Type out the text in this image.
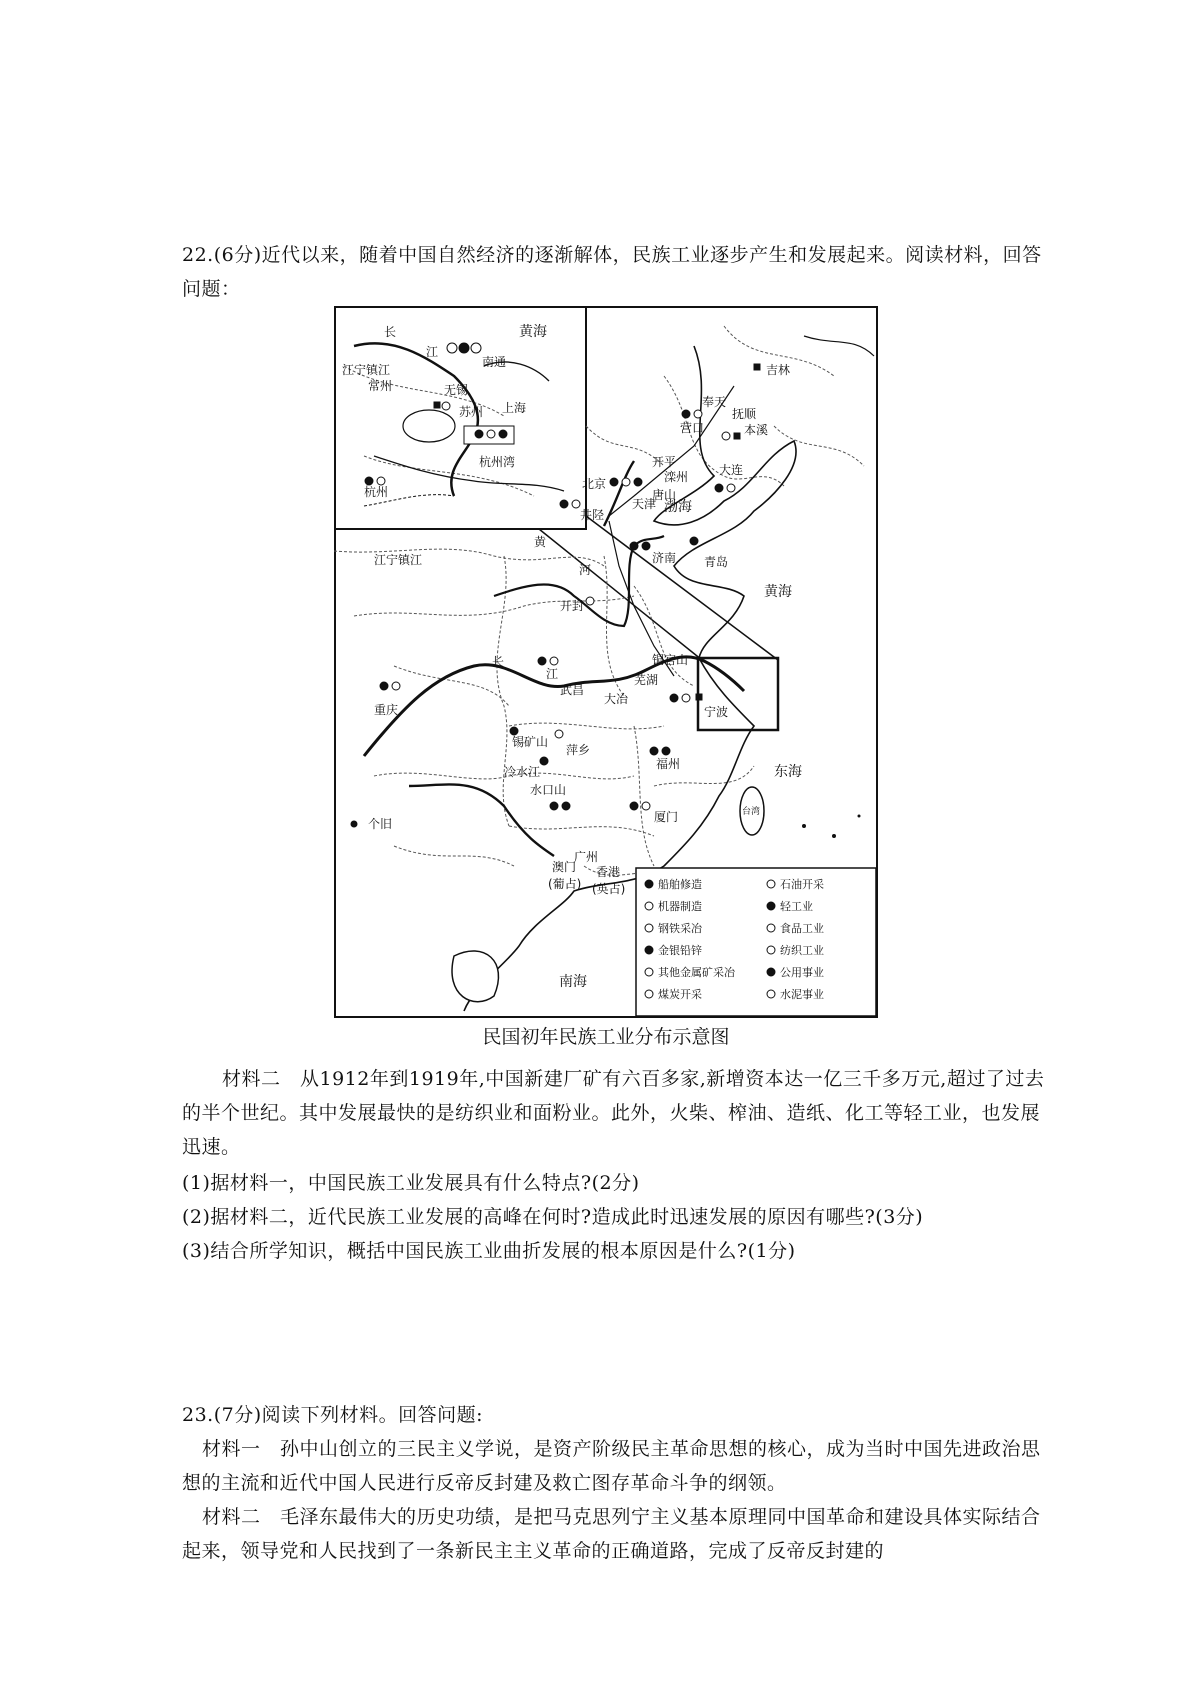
22.(6分)近代以来，随着中国自然经济的逐渐解体，民族工业逐步产生和发展起来。阅读材料，回答问题：
船舶修造	石油开采
机器制造	轻工业
钢铁采冶	食品工业
金银铅锌	纺织工业
其他金属矿采冶	公用事业
煤炭开采	水泥事业
黄海
渤海
黄海
东海
南海
长
江
江宁镇江
常州	无锡
苏州 上海
杭州
杭州湾
南通
吉林
奉天
抚顺
营口	本溪
北京
开平
滦州
唐山
天津
大连
井陉
济南 青岛
开封
铜官山
长
江
武昌
大冶
芜湖
宁波
重庆
锡矿山
萍乡
冷水江
水口山
福州
厦门
广州
个旧
澳门
(葡占)
香港
(英占)
台湾
黄
河
江宁镇江
民国初年民族工业分布示意图
材料二　从1912年到1919年,中国新建厂矿有六百多家,新增资本达一亿三千多万元,超过了过去的半个世纪。其中发展最快的是纺织业和面粉业。此外，火柴、榨油、造纸、化工等轻工业，也发展迅速。
(1)据材料一，中国民族工业发展具有什么特点?(2分)
(2)据材料二，近代民族工业发展的高峰在何时?造成此时迅速发展的原因有哪些?(3分)
(3)结合所学知识，概括中国民族工业曲折发展的根本原因是什么?(1分)
23.(7分)阅读下列材料。回答问题:
材料一　孙中山创立的三民主义学说，是资产阶级民主革命思想的核心，成为当时中国先进政治思想的主流和近代中国人民进行反帝反封建及救亡图存革命斗争的纲领。
材料二　毛泽东最伟大的历史功绩，是把马克思列宁主义基本原理同中国革命和建设具体实际结合起来，领导党和人民找到了一条新民主主义革命的正确道路，完成了反帝反封建的
